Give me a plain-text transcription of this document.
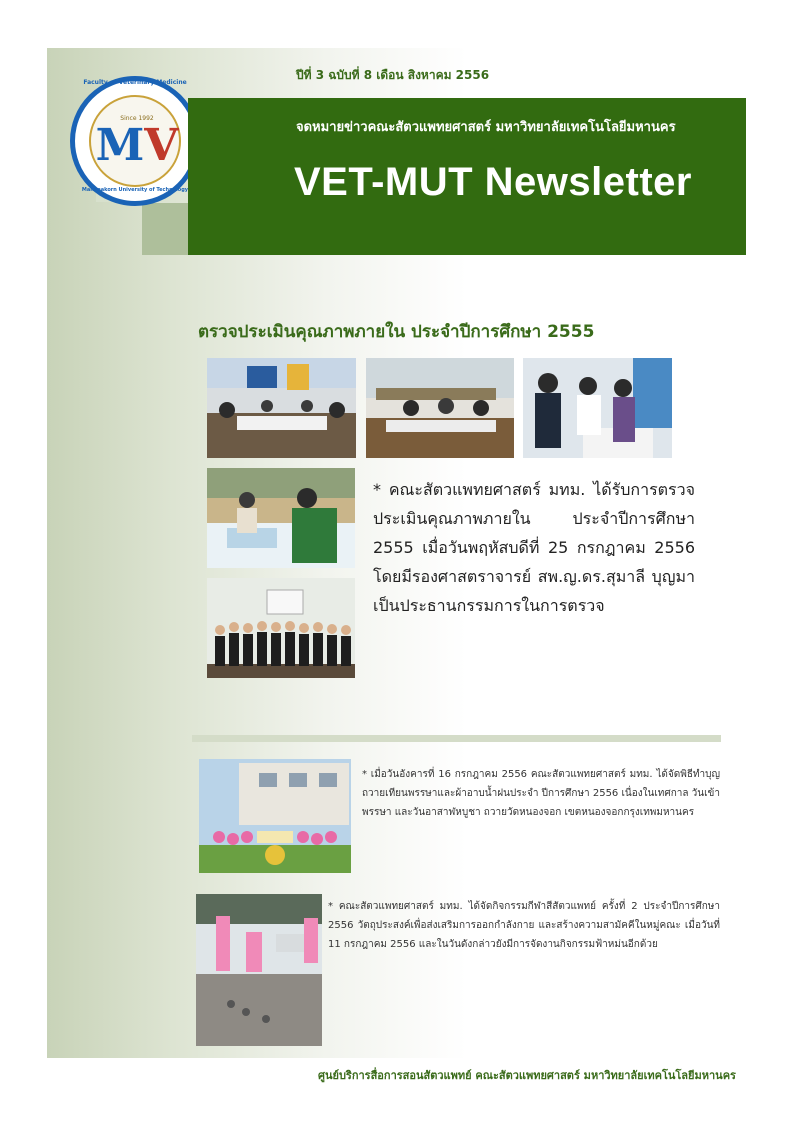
Faculty of Veterinary Medicine
Since 1992
MV
Mahanakorn University of Technology
ปีที่ 3 ฉบับที่ 8 เดือน สิงหาคม 2556
จดหมายข่าวคณะสัตวแพทยศาสตร์ มหาวิทยาลัยเทคโนโลยีมหานคร
VET-MUT Newsletter
ตรวจประเมินคุณภาพภายใน ประจำปีการศึกษา 2555
* คณะสัตวแพทยศาสตร์ มทม. ได้รับการตรวจประเมินคุณภาพภายใน ประจำปีการศึกษา 2555 เมื่อวันพฤหัสบดีที่ 25 กรกฎาคม 2556 โดยมีรองศาสตราจารย์ สพ.ญ.ดร.สุมาลี บุญมา เป็นประธานกรรมการในการตรวจ
* เมื่อวันอังคารที่ 16 กรกฎาคม 2556 คณะสัตวแพทยศาสตร์ มทม. ได้จัดพิธีทำบุญถวายเทียนพรรษาและผ้าอาบน้ำฝนประจำ ปีการศึกษา 2556 เนื่องในเทศกาล วันเข้าพรรษา และวันอาสาฬหบูชา ถวายวัดหนองจอก เขตหนองจอกกรุงเทพมหานคร
* คณะสัตวแพทยศาสตร์ มทม. ได้จัดกิจกรรมกีฬาสีสัตวแพทย์ ครั้งที่ 2 ประจำปีการศึกษา 2556 วัตถุประสงค์เพื่อส่งเสริมการออกกำลังกาย และสร้างความสามัคคีในหมู่คณะ เมื่อวันที่ 11 กรกฎาคม 2556 และในวันดังกล่าวยังมีการจัดงานกิจกรรมฟ้าหม่นอีกด้วย
ศูนย์บริการสื่อการสอนสัตวแพทย์ คณะสัตวแพทยศาสตร์ มหาวิทยาลัยเทคโนโลยีมหานคร
